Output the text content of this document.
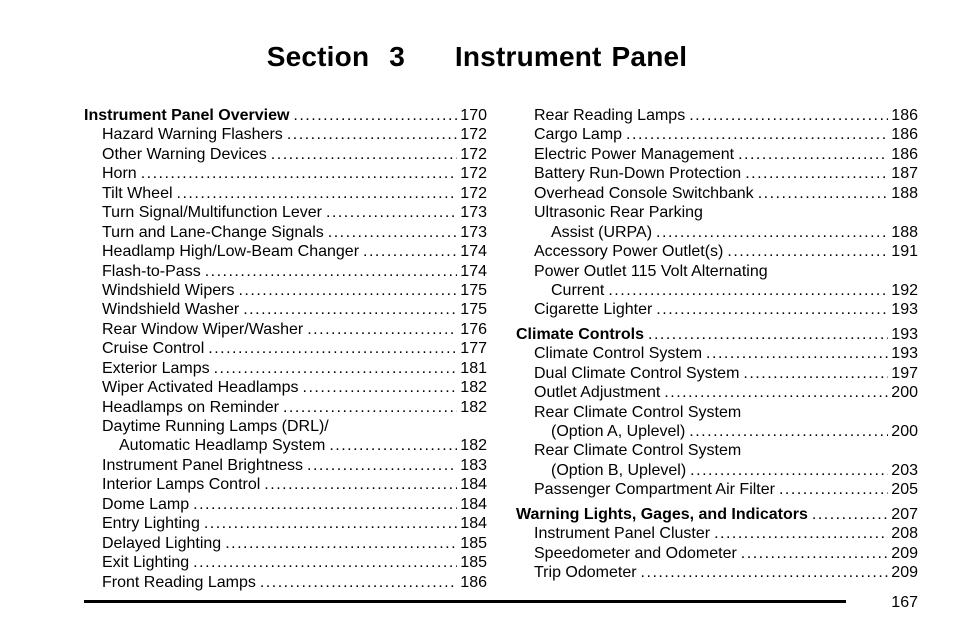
Section  3     Instrument Panel
Instrument Panel Overview .....	170
Hazard Warning Flashers .....	172
Other Warning Devices .....	172
Horn .....	172
Tilt Wheel .....	172
Turn Signal/Multifunction Lever .....	173
Turn and Lane-Change Signals .....	173
Headlamp High/Low-Beam Changer .....	174
Flash-to-Pass .....	174
Windshield Wipers .....	175
Windshield Washer .....	175
Rear Window Wiper/Washer .....	176
Cruise Control .....	177
Exterior Lamps .....	181
Wiper Activated Headlamps .....	182
Headlamps on Reminder .....	182
Daytime Running Lamps (DRL)/
Automatic Headlamp System .....	182
Instrument Panel Brightness .....	183
Interior Lamps Control .....	184
Dome Lamp .....	184
Entry Lighting .....	184
Delayed Lighting .....	185
Exit Lighting .....	185
Front Reading Lamps .....	186
Rear Reading Lamps .....	186
Cargo Lamp .....	186
Electric Power Management .....	186
Battery Run-Down Protection .....	187
Overhead Console Switchbank .....	188
Ultrasonic Rear Parking
Assist (URPA) .....	188
Accessory Power Outlet(s) .....	191
Power Outlet 115 Volt Alternating
Current .....	192
Cigarette Lighter .....	193
Climate Controls .....	193
Climate Control System .....	193
Dual Climate Control System .....	197
Outlet Adjustment .....	200
Rear Climate Control System
(Option A, Uplevel) .....	200
Rear Climate Control System
(Option B, Uplevel) .....	203
Passenger Compartment Air Filter .....	205
Warning Lights, Gages, and Indicators .....	207
Instrument Panel Cluster .....	208
Speedometer and Odometer .....	209
Trip Odometer .....	209
167
